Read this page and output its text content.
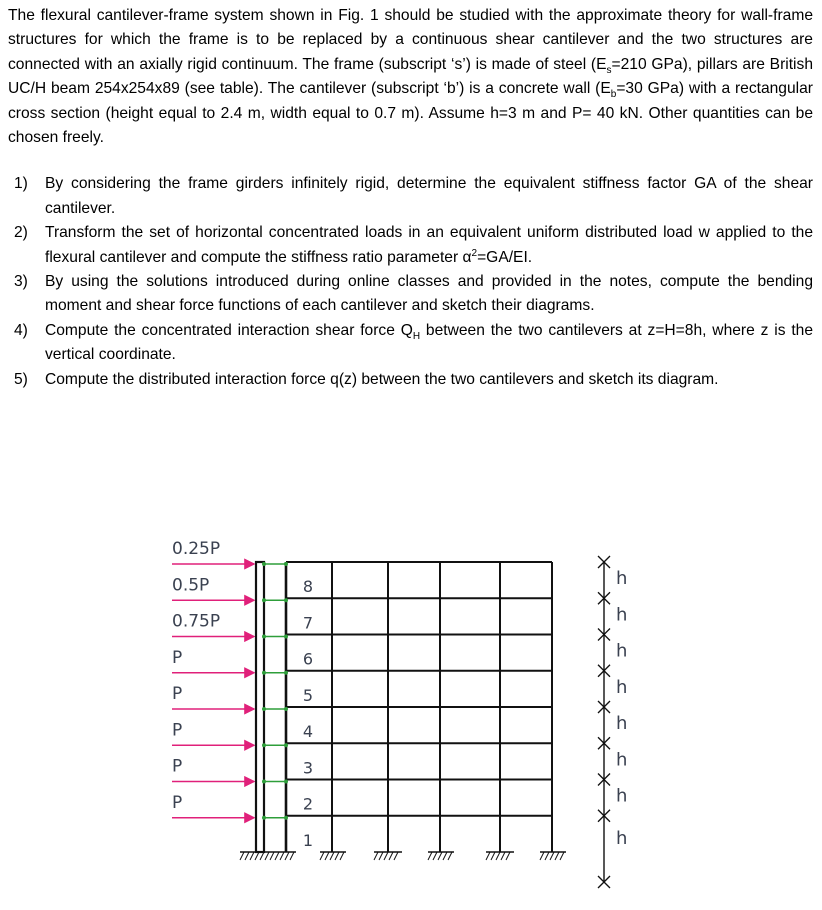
The flexural cantilever-frame system shown in Fig. 1 should be studied with the approximate theory for wall-frame structures for which the frame is to be replaced by a continuous shear cantilever and the two structures are connected with an axially rigid continuum. The frame (subscript ‘s’) is made of steel ($E_s=210$ GPa), pillars are British UC/H beam 254x254x89 (see table). The cantilever (subscript ‘b’) is a concrete wall ($E_b=30$ GPa) with a rectangular cross section (height equal to 2.4 m, width equal to 0.7 m). Assume h=3 m and P= 40 kN. Other quantities can be chosen freely.

1) By considering the frame girders infinitely rigid, determine the equivalent stiffness factor GA of the shear cantilever.
2) Transform the set of horizontal concentrated loads in an equivalent uniform distributed load w applied to the flexural cantilever and compute the stiffness ratio parameter $\alpha^2=GA/EI$.
3) By using the solutions introduced during online classes and provided in the notes, compute the bending moment and shear force functions of each cantilever and sketch their diagrams.
4) Compute the concentrated interaction shear force $Q_H$ between the two cantilevers at z=H=8h, where z is the vertical coordinate.
5) Compute the distributed interaction force q(z) between the two cantilevers and sketch its diagram.
0.25P
0.5P
0.75P
P
P
P
P
P
8
7
6
5
4
3
2
1
h
h
h
h
h
h
h
h
